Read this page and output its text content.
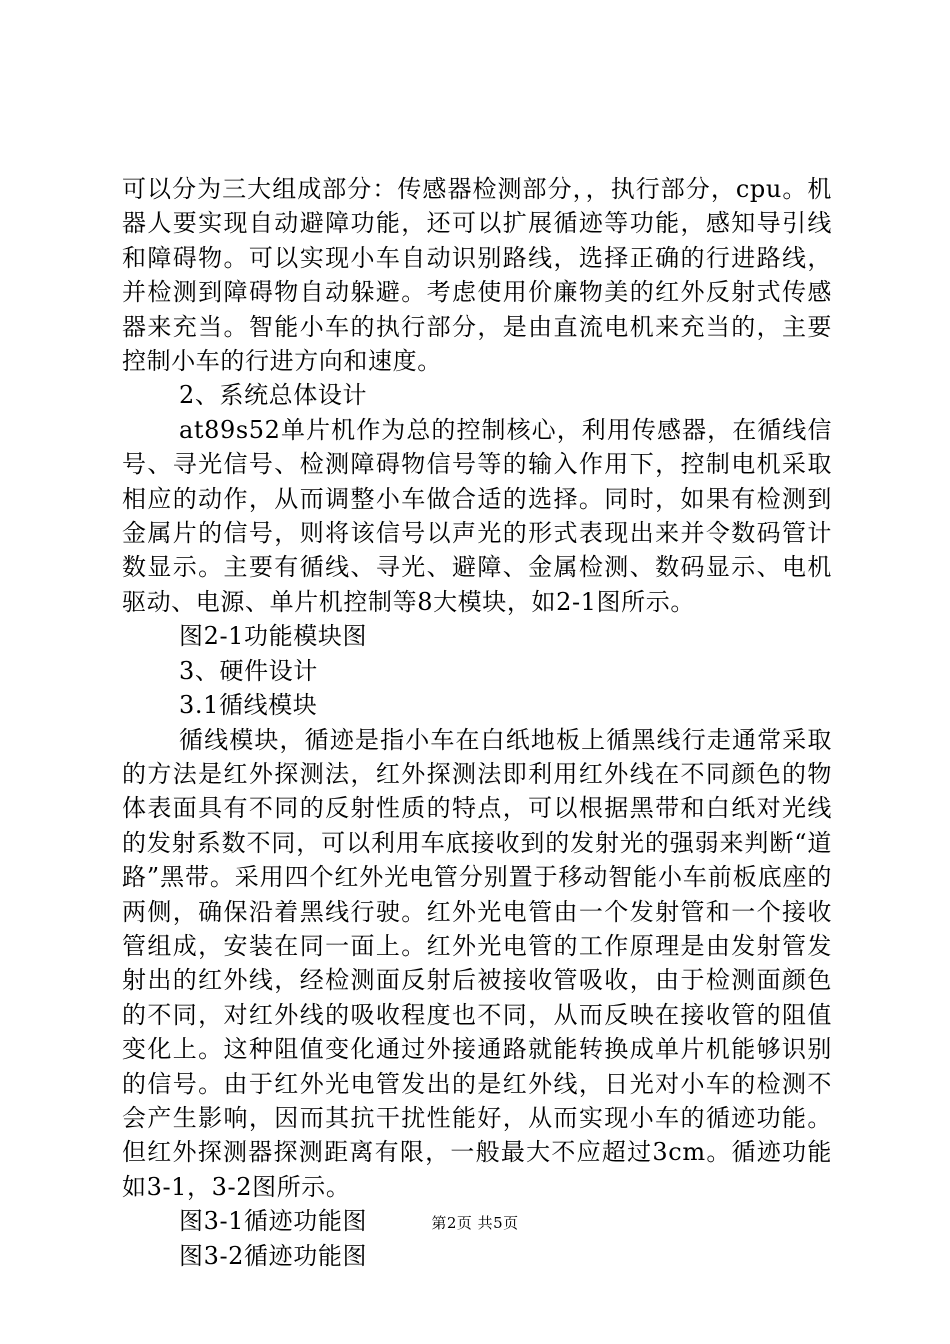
可以分为三大组成部分：传感器检测部分，，执行部分，cpu。机器人要实现自动避障功能，还可以扩展循迹等功能，感知导引线和障碍物。可以实现小车自动识别路线，选择正确的行进路线，并检测到障碍物自动躲避。考虑使用价廉物美的红外反射式传感器来充当。智能小车的执行部分，是由直流电机来充当的，主要控制小车的行进方向和速度。

2、系统总体设计

at89s52单片机作为总的控制核心，利用传感器，在循线信号、寻光信号、检测障碍物信号等的输入作用下，控制电机采取相应的动作，从而调整小车做合适的选择。同时，如果有检测到金属片的信号，则将该信号以声光的形式表现出来并令数码管计数显示。主要有循线、寻光、避障、金属检测、数码显示、电机驱动、电源、单片机控制等8大模块，如2-1图所示。

图2-1功能模块图

3、硬件设计

3.1循线模块

循线模块，循迹是指小车在白纸地板上循黑线行走通常采取的方法是红外探测法，红外探测法即利用红外线在不同颜色的物体表面具有不同的反射性质的特点，可以根据黑带和白纸对光线的发射系数不同，可以利用车底接收到的发射光的强弱来判断“道路”黑带。采用四个红外光电管分别置于移动智能小车前板底座的两侧，确保沿着黑线行驶。红外光电管由一个发射管和一个接收管组成，安装在同一面上。红外光电管的工作原理是由发射管发射出的红外线，经检测面反射后被接收管吸收，由于检测面颜色的不同，对红外线的吸收程度也不同，从而反映在接收管的阻值变化上。这种阻值变化通过外接通路就能转换成单片机能够识别的信号。由于红外光电管发出的是红外线，日光对小车的检测不会产生影响，因而其抗干扰性能好，从而实现小车的循迹功能。但红外探测器探测距离有限，一般最大不应超过3cm。循迹功能如3-1，3-2图所示。

图3-1循迹功能图

图3-2循迹功能图

第2页 共5页
